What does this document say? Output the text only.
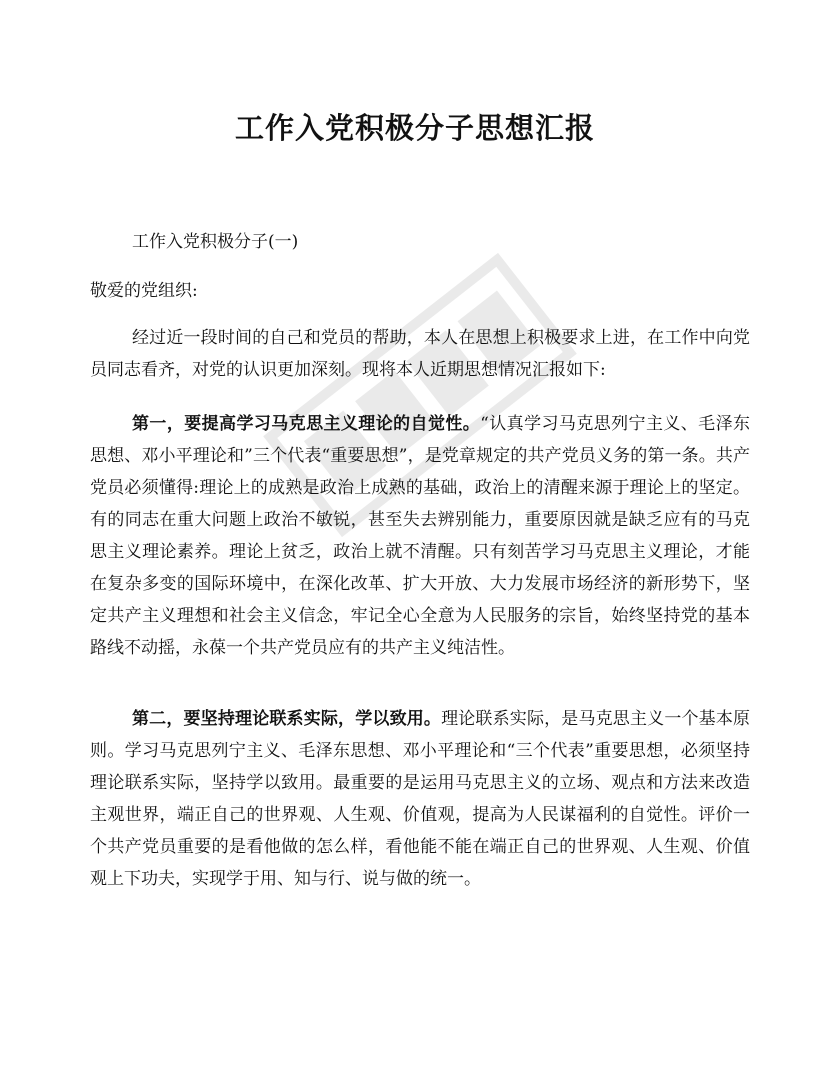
工作入党积极分子思想汇报

工作入党积极分子(一)

敬爱的党组织:

经过近一段时间的自己和党员的帮助，本人在思想上积极要求上进，在工作中向党员同志看齐，对党的认识更加深刻。现将本人近期思想情况汇报如下:

第一，要提高学习马克思主义理论的自觉性。“认真学习马克思列宁主义、毛泽东思想、邓小平理论和”三个代表“重要思想”，是党章规定的共产党员义务的第一条。共产党员必须懂得:理论上的成熟是政治上成熟的基础，政治上的清醒来源于理论上的坚定。有的同志在重大问题上政治不敏锐，甚至失去辨别能力，重要原因就是缺乏应有的马克思主义理论素养。理论上贫乏，政治上就不清醒。只有刻苦学习马克思主义理论，才能在复杂多变的国际环境中，在深化改革、扩大开放、大力发展市场经济的新形势下，坚定共产主义理想和社会主义信念，牢记全心全意为人民服务的宗旨，始终坚持党的基本路线不动摇，永葆一个共产党员应有的共产主义纯洁性。

第二，要坚持理论联系实际，学以致用。理论联系实际，是马克思主义一个基本原则。学习马克思列宁主义、毛泽东思想、邓小平理论和“三个代表”重要思想，必须坚持理论联系实际，坚持学以致用。最重要的是运用马克思主义的立场、观点和方法来改造主观世界，端正自己的世界观、人生观、价值观，提高为人民谋福利的自觉性。评价一个共产党员重要的是看他做的怎么样，看他能不能在端正自己的世界观、人生观、价值观上下功夫，实现学于用、知与行、说与做的统一。
